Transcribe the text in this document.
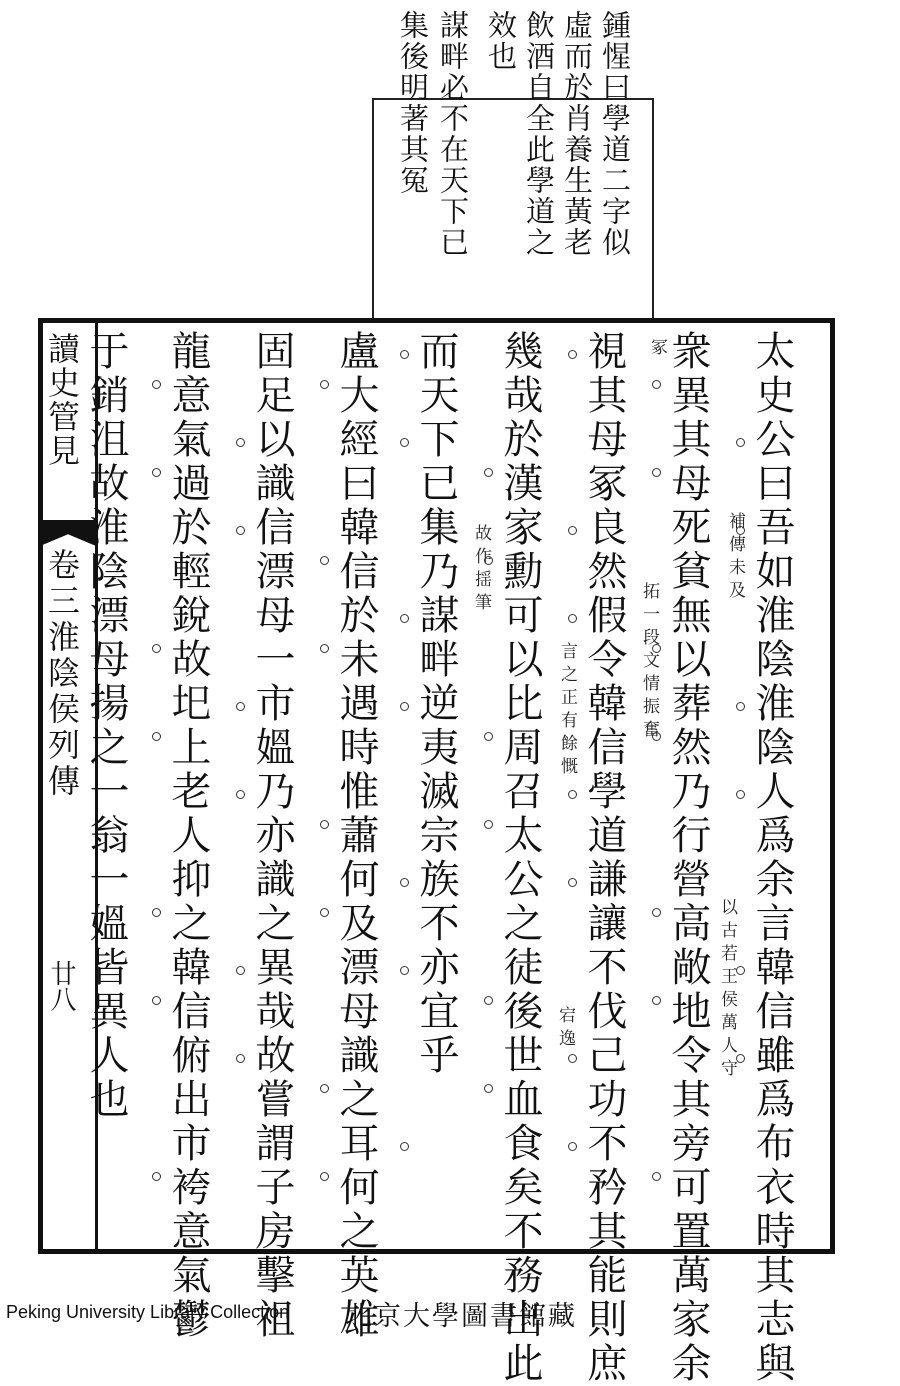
鍾惺曰學道二字似
虛而於肖養生黃老
飲酒自全此學道之
效也
謀畔必不在天下已
集後明著其冤
讀史管見
卷三淮陰侯列傳
廿八	太史公曰吾如淮陰淮陰人爲余言韓信雖爲布衣時其志與
衆異其母死貧無以葬然乃行營高敞地令其旁可置萬家余
視其母冢良然假令韓信學道謙讓不伐己功不矜其能則庶
幾哉於漢家勳可以比周召太公之徒後世血食矣不務出此
而天下已集乃謀畔逆夷滅宗族不亦宜乎
盧大經曰韓信於未遇時惟蕭何及漂母識之耳何之英雄
固足以識信漂母一市媼乃亦識之異哉故嘗謂子房擊祖
龍意氣過於輕銳故圯上老人抑之韓信俯出市袴意氣鬱
于銷沮故淮陰漂母揚之一翁一媼皆異人也	補傳未及
以古若王侯萬人守
冢
拓一段文情振奮
言之正有餘慨
宕逸
故作揺筆
Peking University Library Collection 北京大學圖書館藏
